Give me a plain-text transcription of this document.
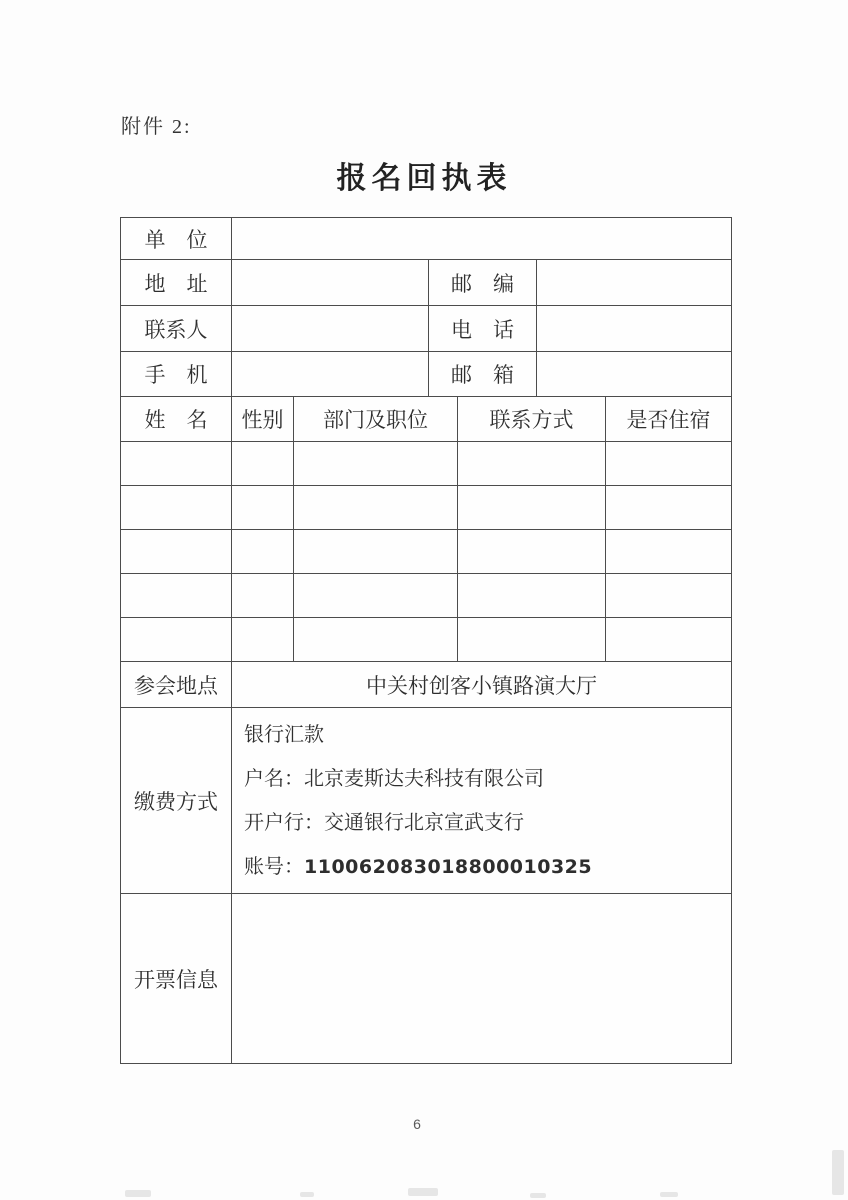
附件 2:
报名回执表
单　位
地　址	邮　编
联系人	电　话
手　机	邮　箱
姓　名	性别	部门及职位	联系方式	是否住宿
参会地点	中关村创客小镇路演大厅
缴费方式
银行汇款
户名：北京麦斯达夫科技有限公司
开户行：交通银行北京宣武支行
账号：110062083018800010325
开票信息
6
